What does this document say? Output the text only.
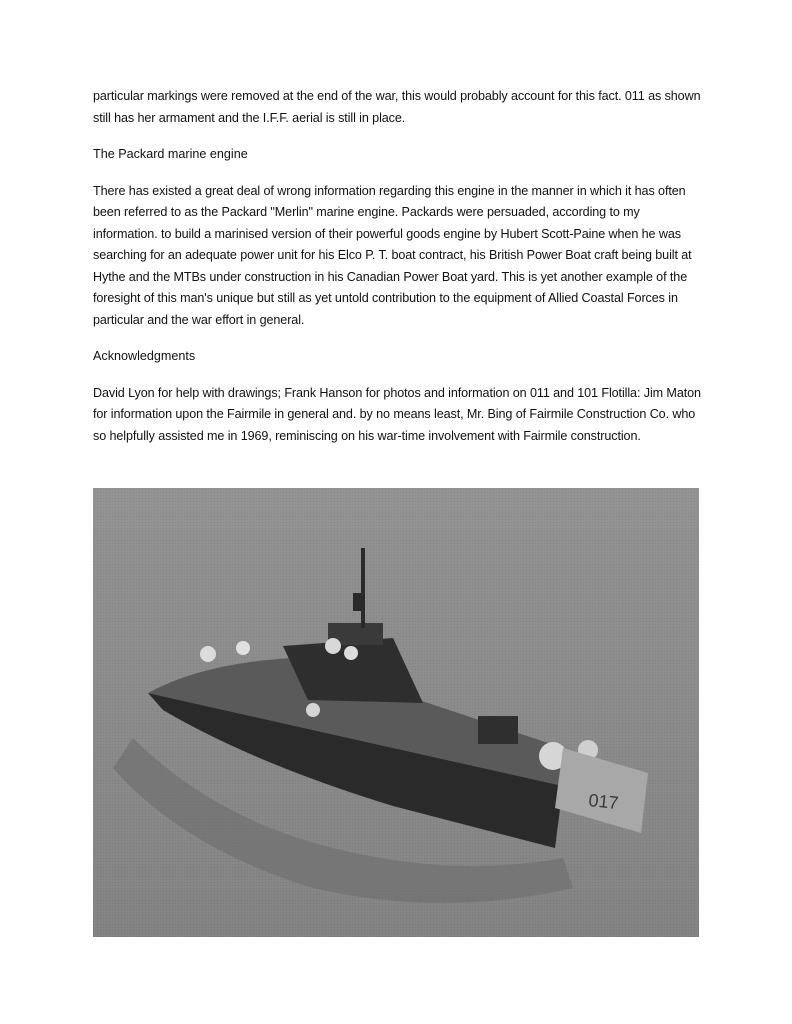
particular markings were removed at the end of the war, this would probably account for this fact. 011 as shown still has her armament and the I.F.F. aerial is still in place.

The Packard marine engine

There has existed a great deal of wrong information regarding this engine in the manner in which it has often been referred to as the Packard "Merlin" marine engine. Packards were persuaded, according to my information. to build a marinised version of their powerful goods engine by Hubert Scott-Paine when he was searching for an adequate power unit for his Elco P. T. boat contract, his British Power Boat craft being built at Hythe and the MTBs under construction in his Canadian Power Boat yard. This is yet another example of the foresight of this man's unique but still as yet untold contribution to the equipment of Allied Coastal Forces in particular and the war effort in general.

Acknowledgments

David Lyon for help with drawings; Frank Hanson for photos and information on 011 and 101 Flotilla: Jim Maton for information upon the Fairmile in general and. by no means least, Mr. Bing of Fairmile Construction Co. who so helpfully assisted me in 1969, reminiscing on his war-time involvement with Fairmile construction.

017
